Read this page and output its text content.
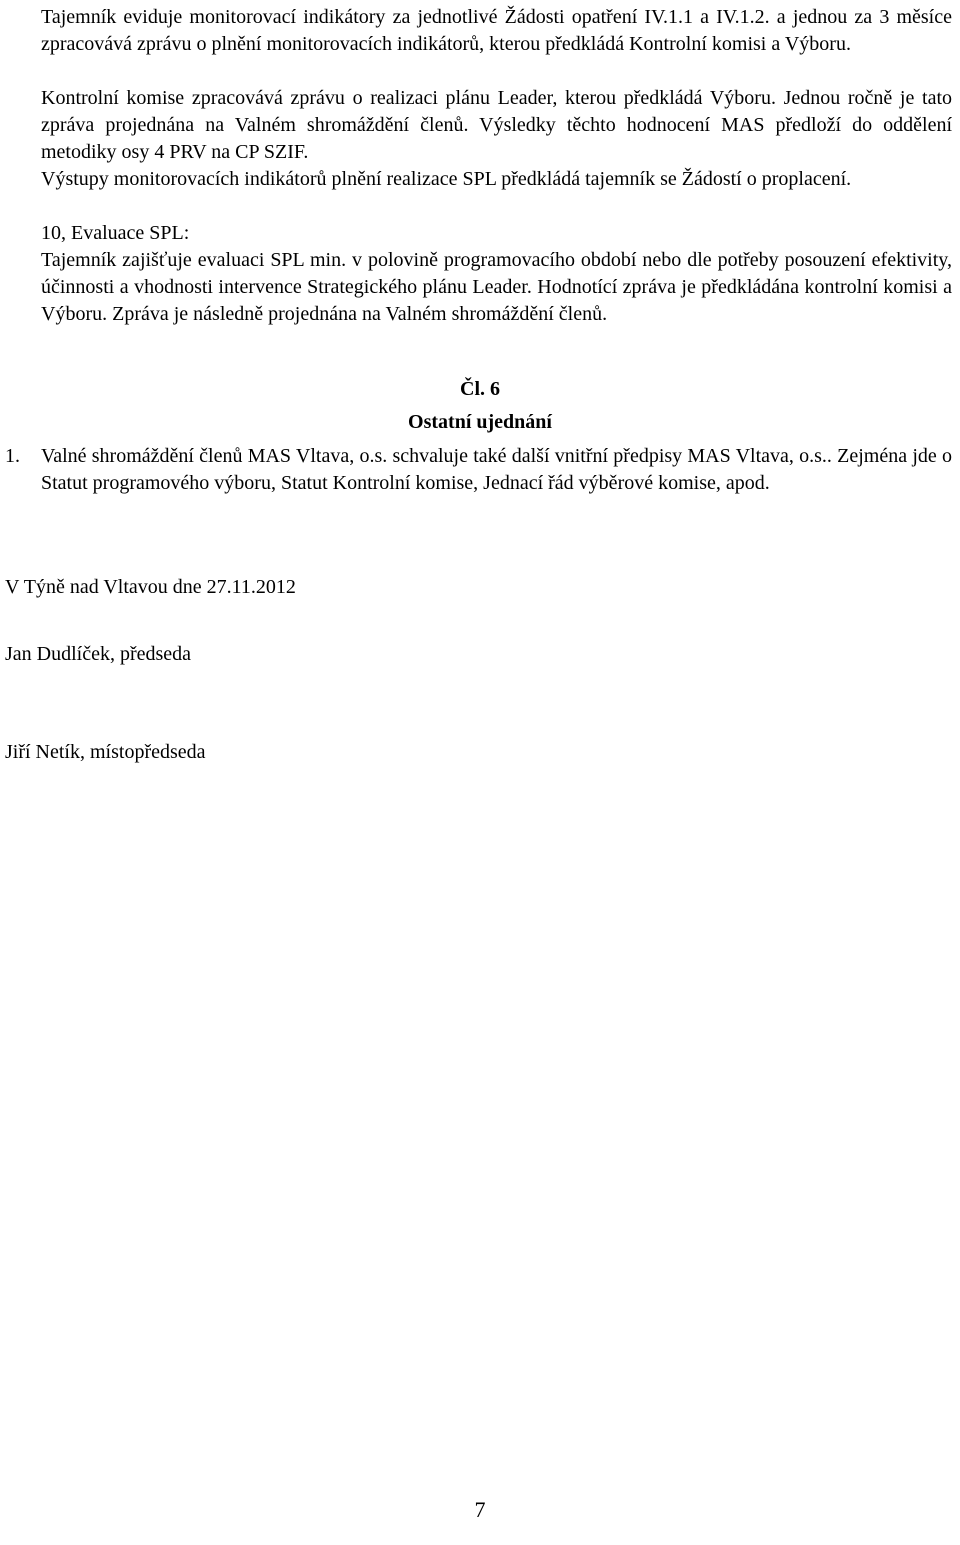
Tajemník eviduje monitorovací indikátory za jednotlivé Žádosti opatření IV.1.1 a IV.1.2. a jednou za 3 měsíce zpracovává zprávu o plnění monitorovacích indikátorů, kterou předkládá Kontrolní komisi a Výboru.

Kontrolní komise zpracovává zprávu o realizaci plánu Leader, kterou předkládá Výboru. Jednou ročně je tato zpráva projednána na Valném shromáždění členů. Výsledky těchto hodnocení MAS předloží do oddělení metodiky osy 4 PRV na CP SZIF.

Výstupy monitorovacích indikátorů plnění realizace SPL předkládá tajemník se Žádostí o proplacení.

10, Evaluace SPL:

Tajemník zajišťuje evaluaci SPL min. v polovině programovacího období nebo dle potřeby posouzení efektivity, účinnosti a vhodnosti intervence Strategického plánu Leader. Hodnotící zpráva je předkládána kontrolní komisi a Výboru. Zpráva je následně projednána na Valném shromáždění členů.

Čl. 6

Ostatní ujednání

1. Valné shromáždění členů MAS Vltava, o.s. schvaluje také další vnitřní předpisy MAS Vltava, o.s.. Zejména jde o Statut programového výboru, Statut Kontrolní komise, Jednací řád výběrové komise, apod.

V Týně nad Vltavou dne 27.11.2012

Jan Dudlíček, předseda

Jiří Netík, místopředseda

7
